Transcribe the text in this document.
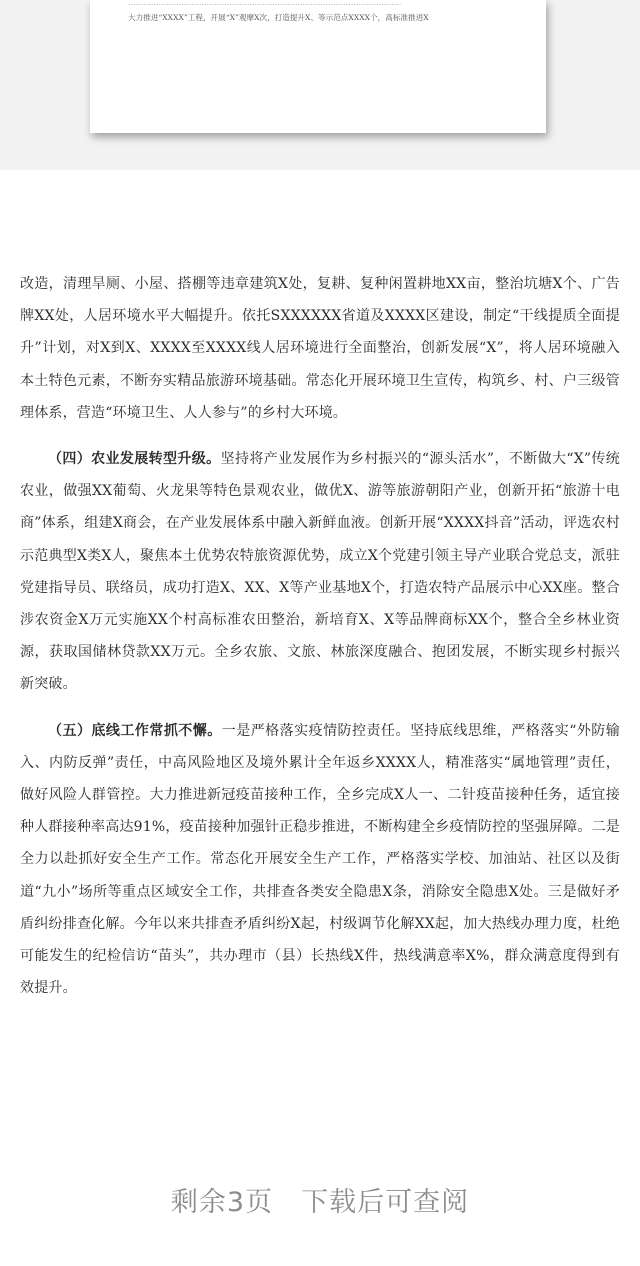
………………………………………………………………………………………………
大力推进“XXXX”工程，开展“X”观摩X次，打造提升X、等示范点XXXX个，高标准推进X

改造，清理旱厕、小屋、搭棚等违章建筑X处，复耕、复种闲置耕地XX亩，整治坑塘X个、广告牌XX处，人居环境水平大幅提升。依托SXXXXXX省道及XXXX区建设，制定“干线提质全面提升”计划，对X到X、XXXX至XXXX线人居环境进行全面整治，创新发展“X”，将人居环境融入本土特色元素，不断夯实精品旅游环境基础。常态化开展环境卫生宣传，构筑乡、村、户三级管理体系，营造“环境卫生、人人参与”的乡村大环境。

（四）农业发展转型升级。坚持将产业发展作为乡村振兴的“源头活水”，不断做大“X”传统农业，做强XX葡萄、火龙果等特色景观农业，做优X、游等旅游朝阳产业，创新开拓“旅游十电商”体系，组建X商会，在产业发展体系中融入新鲜血液。创新开展“XXXX抖音”活动，评选农村示范典型X类X人，聚焦本土优势农特旅资源优势，成立X个党建引领主导产业联合党总支，派驻党建指导员、联络员，成功打造X、XX、X等产业基地X个，打造农特产品展示中心XX座。整合涉农资金X万元实施XX个村高标准农田整治，新培育X、X等品牌商标XX个，整合全乡林业资源，获取国储林贷款XX万元。全乡农旅、文旅、林旅深度融合、抱团发展，不断实现乡村振兴新突破。

（五）底线工作常抓不懈。一是严格落实疫情防控责任。坚持底线思维，严格落实“外防输入、内防反弹”责任，中高风险地区及境外累计全年返乡XXXX人，精准落实“属地管理”责任，做好风险人群管控。大力推进新冠疫苗接种工作，全乡完成X人一、二针疫苗接种任务，适宜接种人群接种率高达91%，疫苗接种加强针正稳步推进，不断构建全乡疫情防控的坚强屏障。二是全力以赴抓好安全生产工作。常态化开展安全生产工作，严格落实学校、加油站、社区以及街道“九小”场所等重点区域安全工作，共排查各类安全隐患X条，消除安全隐患X处。三是做好矛盾纠纷排查化解。今年以来共排查矛盾纠纷X起，村级调节化解XX起，加大热线办理力度，杜绝可能发生的纪检信访“苗头”，共办理市（县）长热线X件，热线满意率X%，群众满意度得到有效提升。

剩余3页 下载后可查阅
